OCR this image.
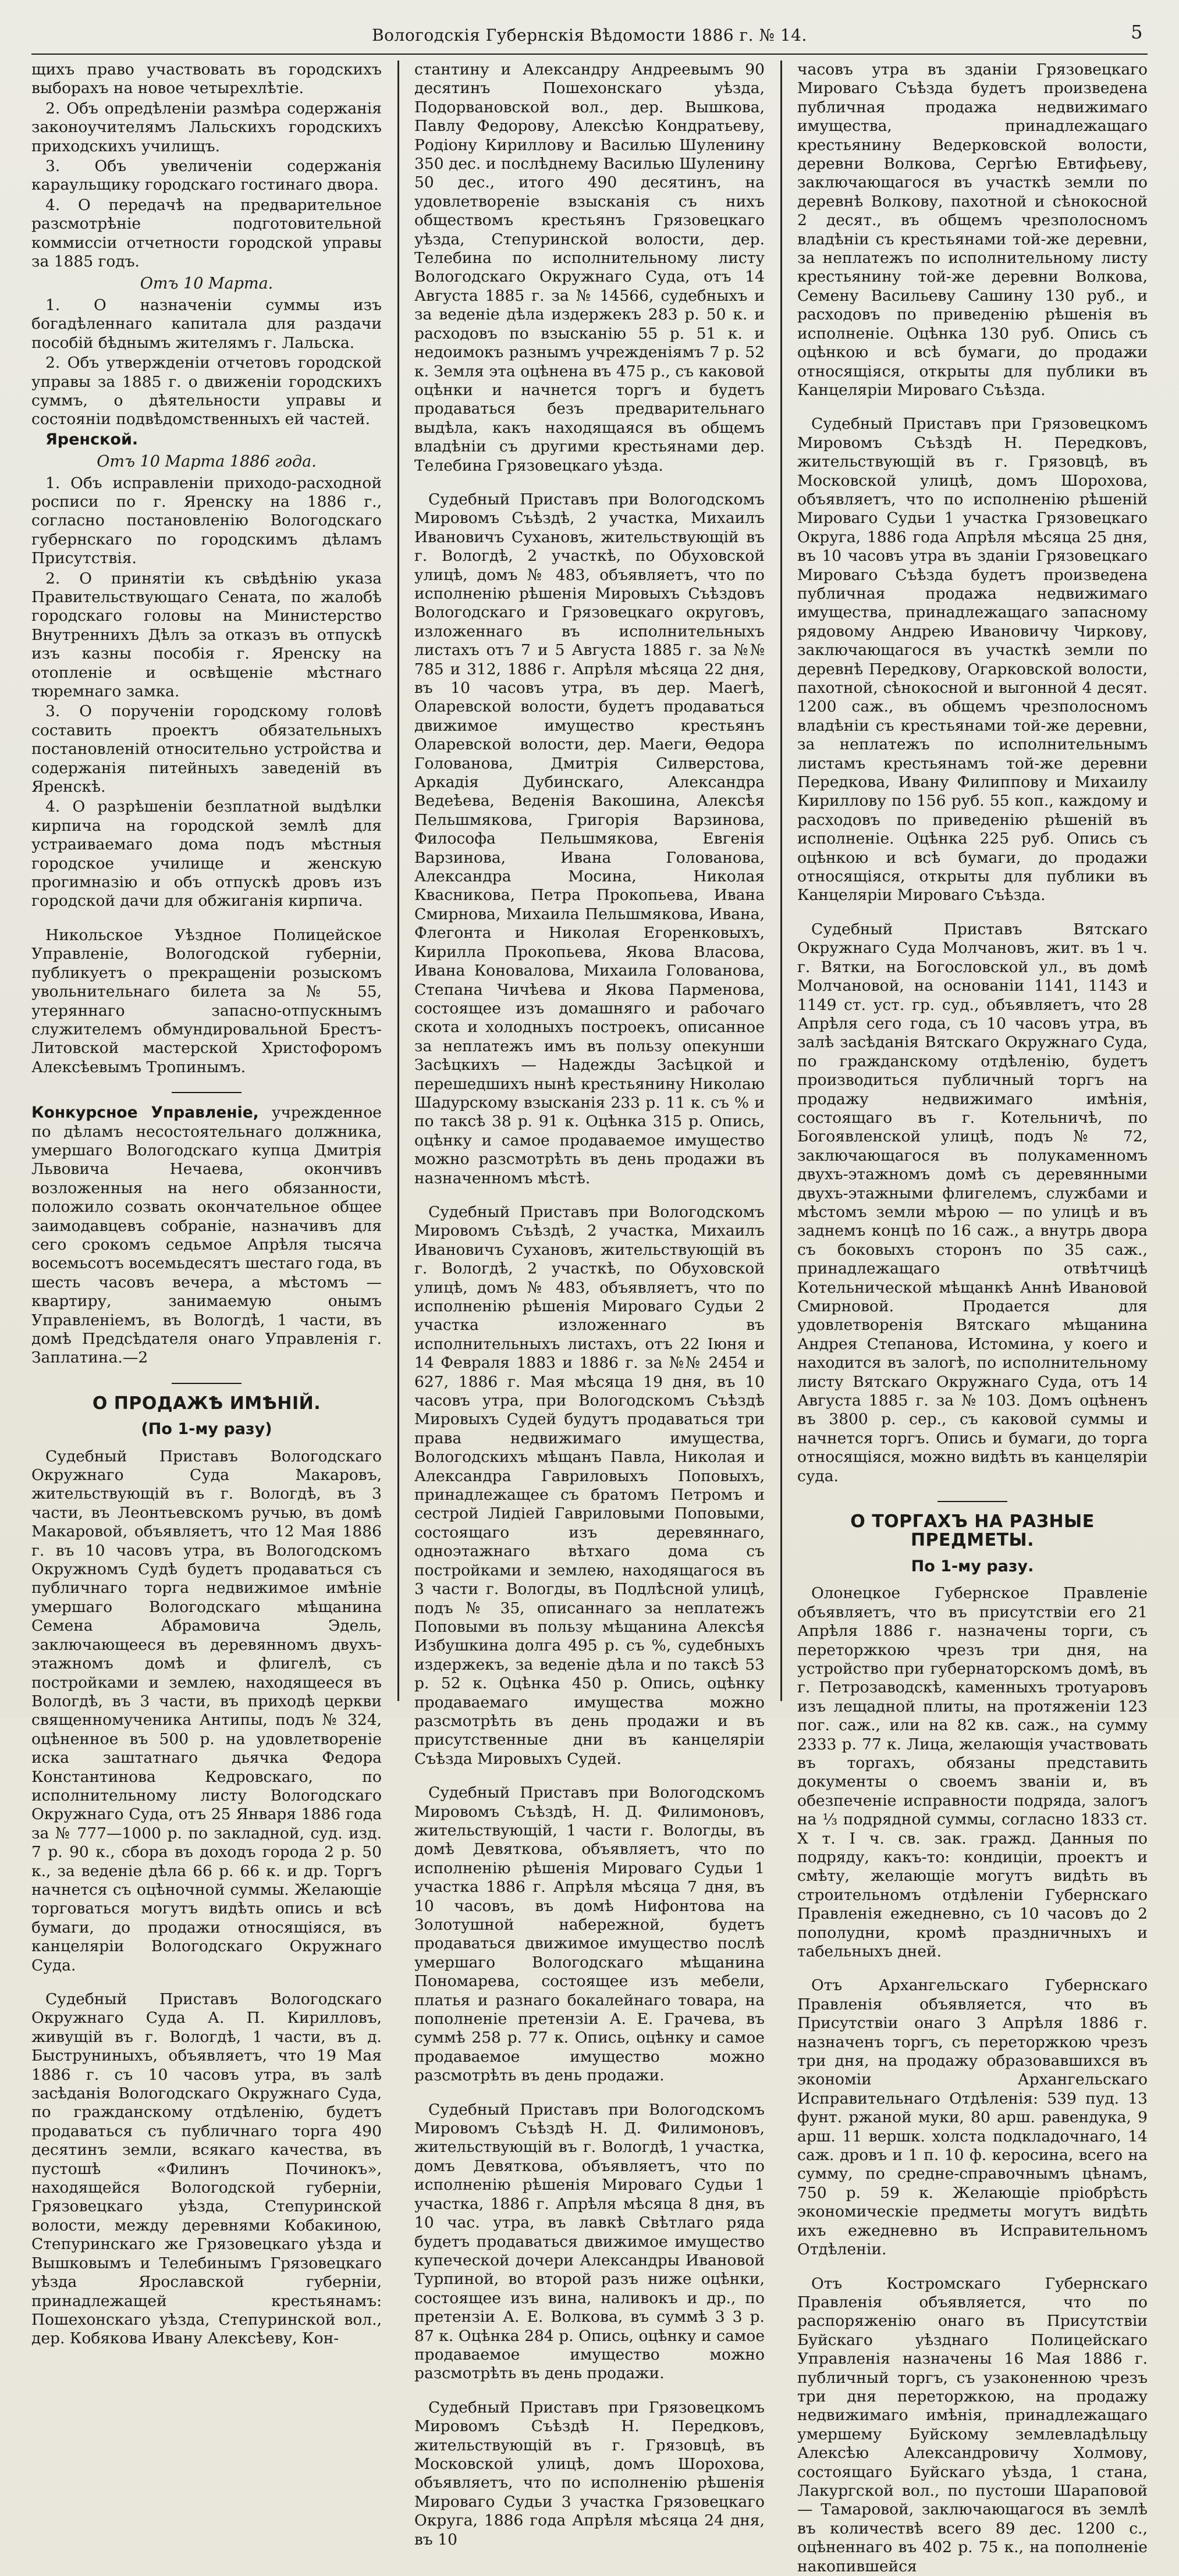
Вологодскія Губернскія Вѣдомости 1886 г. № 14.	5

щихъ право участвовать въ городскихъ выборахъ на новое четырехлѣтіе.

2. Объ опредѣленіи размѣра содержанія законоучителямъ Лальскихъ городскихъ приходскихъ училищъ.

3. Объ увеличеніи содержанія караульщику городскаго гостинаго двора.

4. О передачѣ на предварительное разсмотрѣніе подготовительной коммиссіи отчетности городской управы за 1885 годъ.

Отъ 10 Марта.

1. О назначеніи суммы изъ богадѣленнаго капитала для раздачи пособій бѣднымъ жителямъ г. Лальска.

2. Объ утвержденіи отчетовъ городской управы за 1885 г. о движеніи городскихъ суммъ, о дѣятельности управы и состояніи подвѣдомственныхъ ей частей.

Яренской.

Отъ 10 Марта 1886 года.

1. Объ исправленіи приходо-расходной росписи по г. Яренску на 1886 г., согласно постановленію Вологодскаго губернскаго по городскимъ дѣламъ Присутствія.

2. О принятіи къ свѣдѣнію указа Правительствующаго Сената, по жалобѣ городскаго головы на Министерство Внутреннихъ Дѣлъ за отказъ въ отпускѣ изъ казны пособія г. Яренску на отопленіе и освѣщеніе мѣстнаго тюремнаго замка.

3. О порученіи городскому головѣ составить проектъ обязательныхъ постановленій относительно устройства и содержанія питейныхъ заведеній въ Яренскѣ.

4. О разрѣшеніи безплатной выдѣлки кирпича на городской землѣ для устраиваемаго дома подъ мѣстныя городское училище и женскую прогимназію и объ отпускѣ дровъ изъ городской дачи для обжиганія кирпича.

Никольское Уѣздное Полицейское Управленіе, Вологодской губерніи, публикуетъ о прекращеніи розыскомъ увольнительнаго билета за № 55, утеряннаго запасно-отпускнымъ служителемъ обмундировальной Брестъ-Литовской мастерской Христофоромъ Алексѣевымъ Тропинымъ.

Конкурсное Управленіе, учрежденное по дѣламъ несостоятельнаго должника, умершаго Вологодскаго купца Дмитрія Львовича Нечаева, окончивъ возложенныя на него обязанности, положило созвать окончательное общее заимодавцевъ собраніе, назначивъ для сего срокомъ седьмое Апрѣля тысяча восемьсотъ восемьдесятъ шестаго года, въ шесть часовъ вечера, а мѣстомъ — квартиру, занимаемую онымъ Управленіемъ, въ Вологдѣ, 1 части, въ домѣ Предсѣдателя онаго Управленія г. Заплатина.—2

О ПРОДАЖѢ ИМѢНІЙ.
(По 1-му разу)

Судебный Приставъ Вологодскаго Окружнаго Суда Макаровъ, жительствующій въ г. Вологдѣ, въ 3 части, въ Леонтьевскомъ ручью, въ домѣ Макаровой, объявляетъ, что 12 Мая 1886 г. въ 10 часовъ утра, въ Вологодскомъ Окружномъ Судѣ будетъ продаваться съ публичнаго торга недвижимое имѣніе умершаго Вологодскаго мѣщанина Семена Абрамовича Эдель, заключающееся въ деревянномъ двухъ-этажномъ домѣ и флигелѣ, съ постройками и землею, находящееся въ Вологдѣ, въ 3 части, въ приходѣ церкви священномученика Антипы, подъ № 324, оцѣненное въ 500 р. на удовлетвореніе иска заштатнаго дьячка Федора Константинова Кедровскаго, по исполнительному листу Вологодскаго Окружнаго Суда, отъ 25 Января 1886 года за № 777—1000 р. по закладной, суд. изд. 7 р. 90 к., сбора въ доходъ города 2 р. 50 к., за веденіе дѣла 66 р. 66 к. и др. Торгъ начнется съ оцѣночной суммы. Желающіе торговаться могутъ видѣть опись и всѣ бумаги, до продажи относящіяся, въ канцеляріи Вологодскаго Окружнаго Суда.

Судебный Приставъ Вологодскаго Окружнаго Суда А. П. Кирилловъ, живущій въ г. Вологдѣ, 1 части, въ д. Быструниныхъ, объявляетъ, что 19 Мая 1886 г. съ 10 часовъ утра, въ залѣ засѣданія Вологодскаго Окружнаго Суда, по гражданскому отдѣленію, будетъ продаваться съ публичнаго торга 490 десятинъ земли, всякаго качества, въ пустошѣ «Филинъ Починокъ», находящейся Вологодской губерніи, Грязовецкаго уѣзда, Степуринской волости, между деревнями Кобакиною, Степуринскаго же Грязовецкаго уѣзда и Вышковымъ и Телебинымъ Грязовецкаго уѣзда Ярославской губерніи, принадлежащей крестьянамъ: Пошехонскаго уѣзда, Степуринской вол., дер. Кобякова Ивану Алексѣеву, Кон-

стантину и Александру Андреевымъ 90 десятинъ Пошехонскаго уѣзда, Подорвановской вол., дер. Вышкова, Павлу Федорову, Алексѣю Кондратьеву, Родіону Кириллову и Василью Шуленину 350 дес. и послѣднему Василью Шуленину 50 дес., итого 490 десятинъ, на удовлетвореніе взысканія съ нихъ обществомъ крестьянъ Грязовецкаго уѣзда, Степуринской волости, дер. Телебина по исполнительному листу Вологодскаго Окружнаго Суда, отъ 14 Августа 1885 г. за № 14566, судебныхъ и за веденіе дѣла издержекъ 283 р. 50 к. и расходовъ по взысканію 55 р. 51 к. и недоимокъ разнымъ учрежденіямъ 7 р. 52 к. Земля эта оцѣнена въ 475 р., съ каковой оцѣнки и начнется торгъ и будетъ продаваться безъ предварительнаго выдѣла, какъ находящаяся въ общемъ владѣніи съ другими крестьянами дер. Телебина Грязовецкаго уѣзда.

Судебный Приставъ при Вологодскомъ Мировомъ Съѣздѣ, 2 участка, Михаилъ Ивановичъ Сухановъ, жительствующій въ г. Вологдѣ, 2 участкѣ, по Обуховской улицѣ, домъ № 483, объявляетъ, что по исполненію рѣшенія Мировыхъ Съѣздовъ Вологодскаго и Грязовецкаго округовъ, изложеннаго въ исполнительныхъ листахъ отъ 7 и 5 Августа 1885 г. за №№ 785 и 312, 1886 г. Апрѣля мѣсяца 22 дня, въ 10 часовъ утра, въ дер. Маегѣ, Оларевской волости, будетъ продаваться движимое имущество крестьянъ Оларевской волости, дер. Маеги, Ѳедора Голованова, Дмитрія Силверстова, Аркадія Дубинскаго, Александра Ведеѣева, Веденія Вакошина, Алексѣя Пельшмякова, Григорія Варзинова, Философа Пельшмякова, Евгенія Варзинова, Ивана Голованова, Александра Мосина, Николая Квасникова, Петра Прокопьева, Ивана Смирнова, Михаила Пельшмякова, Ивана, Флегонта и Николая Егоренковыхъ, Кирилла Прокопьева, Якова Власова, Ивана Коновалова, Михаила Голованова, Степана Чичѣева и Якова Парменова, состоящее изъ домашняго и рабочаго скота и холодныхъ построекъ, описанное за неплатежъ имъ въ пользу опекунши Засѣцкихъ — Надежды Засѣцкой и перешедшихъ нынѣ крестьянину Николаю Шадурскому взысканія 233 р. 11 к. съ % и по таксѣ 38 р. 91 к. Оцѣнка 315 р. Опись, оцѣнку и самое продаваемое имущество можно разсмотрѣть въ день продажи въ назначенномъ мѣстѣ.

Судебный Приставъ при Вологодскомъ Мировомъ Съѣздѣ, 2 участка, Михаилъ Ивановичъ Сухановъ, жительствующій въ г. Вологдѣ, 2 участкѣ, по Обуховской улицѣ, домъ № 483, объявляетъ, что по исполненію рѣшенія Мироваго Судьи 2 участка изложеннаго въ исполнительныхъ листахъ, отъ 22 Іюня и 14 Февраля 1883 и 1886 г. за №№ 2454 и 627, 1886 г. Мая мѣсяца 19 дня, въ 10 часовъ утра, при Вологодскомъ Съѣздѣ Мировыхъ Судей будутъ продаваться три права недвижимаго имущества, Вологодскихъ мѣщанъ Павла, Николая и Александра Гавриловыхъ Поповыхъ, принадлежащее съ братомъ Петромъ и сестрой Лидіей Гавриловыми Поповыми, состоящаго изъ деревяннаго, одноэтажнаго вѣтхаго дома съ постройками и землею, находящагося въ 3 части г. Вологды, въ Подлѣсной улицѣ, подъ № 35, описаннаго за неплатежъ Поповыми въ пользу мѣщанина Алексѣя Избушкина долга 495 р. съ %, судебныхъ издержекъ, за веденіе дѣла и по таксѣ 53 р. 52 к. Оцѣнка 450 р. Опись, оцѣнку продаваемаго имущества можно разсмотрѣть въ день продажи и въ присутственные дни въ канцеляріи Съѣзда Мировыхъ Судей.

Судебный Приставъ при Вологодскомъ Мировомъ Съѣздѣ, Н. Д. Филимоновъ, жительствующій, 1 части г. Вологды, въ домѣ Девяткова, объявляетъ, что по исполненію рѣшенія Мироваго Судьи 1 участка 1886 г. Апрѣля мѣсяца 7 дня, въ 10 часовъ, въ домѣ Нифонтова на Золотушной набережной, будетъ продаваться движимое имущество послѣ умершаго Вологодскаго мѣщанина Пономарева, состоящее изъ мебели, платья и разнаго бокалейнаго товара, на пополненіе претензіи А. Е. Грачева, въ суммѣ 258 р. 77 к. Опись, оцѣнку и самое продаваемое имущество можно разсмотрѣть въ день продажи.

Судебный Приставъ при Вологодскомъ Мировомъ Съѣздѣ Н. Д. Филимоновъ, жительствующій въ г. Вологдѣ, 1 участка, домъ Девяткова, объявляетъ, что по исполненію рѣшенія Мироваго Судьи 1 участка, 1886 г. Апрѣля мѣсяца 8 дня, въ 10 час. утра, въ лавкѣ Свѣтлаго ряда будетъ продаваться движимое имущество купеческой дочери Александры Ивановой Турпиной, во второй разъ ниже оцѣнки, состоящее изъ вина, наливокъ и др., по претензіи А. Е. Волкова, въ суммѣ 3 3 р. 87 к. Оцѣнка 284 р. Опись, оцѣнку и самое продаваемое имущество можно разсмотрѣть въ день продажи.

Судебный Приставъ при Грязовецкомъ Мировомъ Съѣздѣ Н. Передковъ, жительствующій въ г. Грязовцѣ, въ Московской улицѣ, домъ Шорохова, объявляетъ, что по исполненію рѣшенія Мироваго Судьи 3 участка Грязовецкаго Округа, 1886 года Апрѣля мѣсяца 24 дня, въ 10

часовъ утра въ зданіи Грязовецкаго Мироваго Съѣзда будетъ произведена публичная продажа недвижимаго имущества, принадлежащаго крестьянину Ведерковской волости, деревни Волкова, Сергѣю Евтифьеву, заключающагося въ участкѣ земли по деревнѣ Волкову, пахотной и сѣнокосной 2 десят., въ общемъ чрезполосномъ владѣніи съ крестьянами той-же деревни, за неплатежъ по исполнительному листу крестьянину той-же деревни Волкова, Семену Васильеву Сашину 130 руб., и расходовъ по приведенію рѣшенія въ исполненіе. Оцѣнка 130 руб. Опись съ оцѣнкою и всѣ бумаги, до продажи относящіяся, открыты для публики въ Канцеляріи Мироваго Съѣзда.

Судебный Приставъ при Грязовецкомъ Мировомъ Съѣздѣ Н. Передковъ, жительствующій въ г. Грязовцѣ, въ Московской улицѣ, домъ Шорохова, объявляетъ, что по исполненію рѣшеній Мироваго Судьи 1 участка Грязовецкаго Округа, 1886 года Апрѣля мѣсяца 25 дня, въ 10 часовъ утра въ зданіи Грязовецкаго Мироваго Съѣзда будетъ произведена публичная продажа недвижимаго имущества, принадлежащаго запасному рядовому Андрею Ивановичу Чиркову, заключающагося въ участкѣ земли по деревнѣ Передкову, Огарковской волости, пахотной, сѣнокосной и выгонной 4 десят. 1200 саж., въ общемъ чрезполосномъ владѣніи съ крестьянами той-же деревни, за неплатежъ по исполнительнымъ листамъ крестьянамъ той-же деревни Передкова, Ивану Филиппову и Михаилу Кириллову по 156 руб. 55 коп., каждому и расходовъ по приведенію рѣшеній въ исполненіе. Оцѣнка 225 руб. Опись съ оцѣнкою и всѣ бумаги, до продажи относящіяся, открыты для публики въ Канцеляріи Мироваго Съѣзда.

Судебный Приставъ Вятскаго Окружнаго Суда Молчановъ, жит. въ 1 ч. г. Вятки, на Богословской ул., въ домѣ Молчановой, на основаніи 1141, 1143 и 1149 ст. уст. гр. суд., объявляетъ, что 28 Апрѣля сего года, съ 10 часовъ утра, въ залѣ засѣданія Вятскаго Окружнаго Суда, по гражданскому отдѣленію, будетъ производиться публичный торгъ на продажу недвижимаго имѣнія, состоящаго въ г. Котельничѣ, по Богоявленской улицѣ, подъ № 72, заключающагося въ полукаменномъ двухъ-этажномъ домѣ съ деревянными двухъ-этажными флигелемъ, службами и мѣстомъ земли мѣрою — по улицѣ и въ заднемъ концѣ по 16 саж., а внутрь двора съ боковыхъ сторонъ по 35 саж., принадлежащаго отвѣтчицѣ Котельнической мѣщанкѣ Аннѣ Ивановой Смирновой. Продается для удовлетворенія Вятскаго мѣщанина Андрея Степанова, Истомина, у коего и находится въ залогѣ, по исполнительному листу Вятскаго Окружнаго Суда, отъ 14 Августа 1885 г. за № 103. Домъ оцѣненъ въ 3800 р. сер., съ каковой суммы и начнется торгъ. Опись и бумаги, до торга относящіяся, можно видѣть въ канцеляріи суда.

О ТОРГАХЪ НА РАЗНЫЕ ПРЕДМЕТЫ.
По 1-му разу.

Олонецкое Губернское Правленіе объявляетъ, что въ присутствіи его 21 Апрѣля 1886 г. назначены торги, съ переторжкою чрезъ три дня, на устройство при губернаторскомъ домѣ, въ г. Петрозаводскѣ, каменныхъ тротуаровъ изъ лещадной плиты, на протяженіи 123 пог. саж., или на 82 кв. саж., на сумму 2333 р. 77 к. Лица, желающія участвовать въ торгахъ, обязаны представить документы о своемъ званіи и, въ обезпеченіе исправности подряда, залогъ на ⅓ подрядной суммы, согласно 1833 ст. Х т. I ч. св. зак. гражд. Данныя по подряду, какъ-то: кондиціи, проектъ и смѣту, желающіе могутъ видѣть въ строительномъ отдѣленіи Губернскаго Правленія ежедневно, съ 10 часовъ до 2 пополудни, кромѣ праздничныхъ и табельныхъ дней.

Отъ Архангельскаго Губернскаго Правленія объявляется, что въ Присутствіи онаго 3 Апрѣля 1886 г. назначенъ торгъ, съ переторжкою чрезъ три дня, на продажу образовавшихся въ экономіи Архангельскаго Исправительнаго Отдѣленія: 539 пуд. 13 фунт. ржаной муки, 80 арш. равендука, 9 арш. 11 вершк. холста подкладочнаго, 14 саж. дровъ и 1 п. 10 ф. керосина, всего на сумму, по средне-справочнымъ цѣнамъ, 750 р. 59 к. Желающіе пріобрѣсть экономическіе предметы могутъ видѣть ихъ ежедневно въ Исправительномъ Отдѣленіи.

Отъ Костромскаго Губернскаго Правленія объявляется, что по распоряженію онаго въ Присутствіи Буйскаго уѣзднаго Полицейскаго Управленія назначены 16 Мая 1886 г. публичный торгъ, съ узаконенною чрезъ три дня переторжкою, на продажу недвижимаго имѣнія, принадлежащаго умершему Буйскому землевладѣльцу Алексѣю Александровичу Холмову, состоящаго Буйскаго уѣзда, 1 стана, Лакургской вол., по пустоши Шараповой — Тамаровой, заключающагося въ землѣ въ количествѣ всего 89 дес. 1200 с., оцѣненнаго въ 402 р. 75 к., на пополненіе накопившейся
